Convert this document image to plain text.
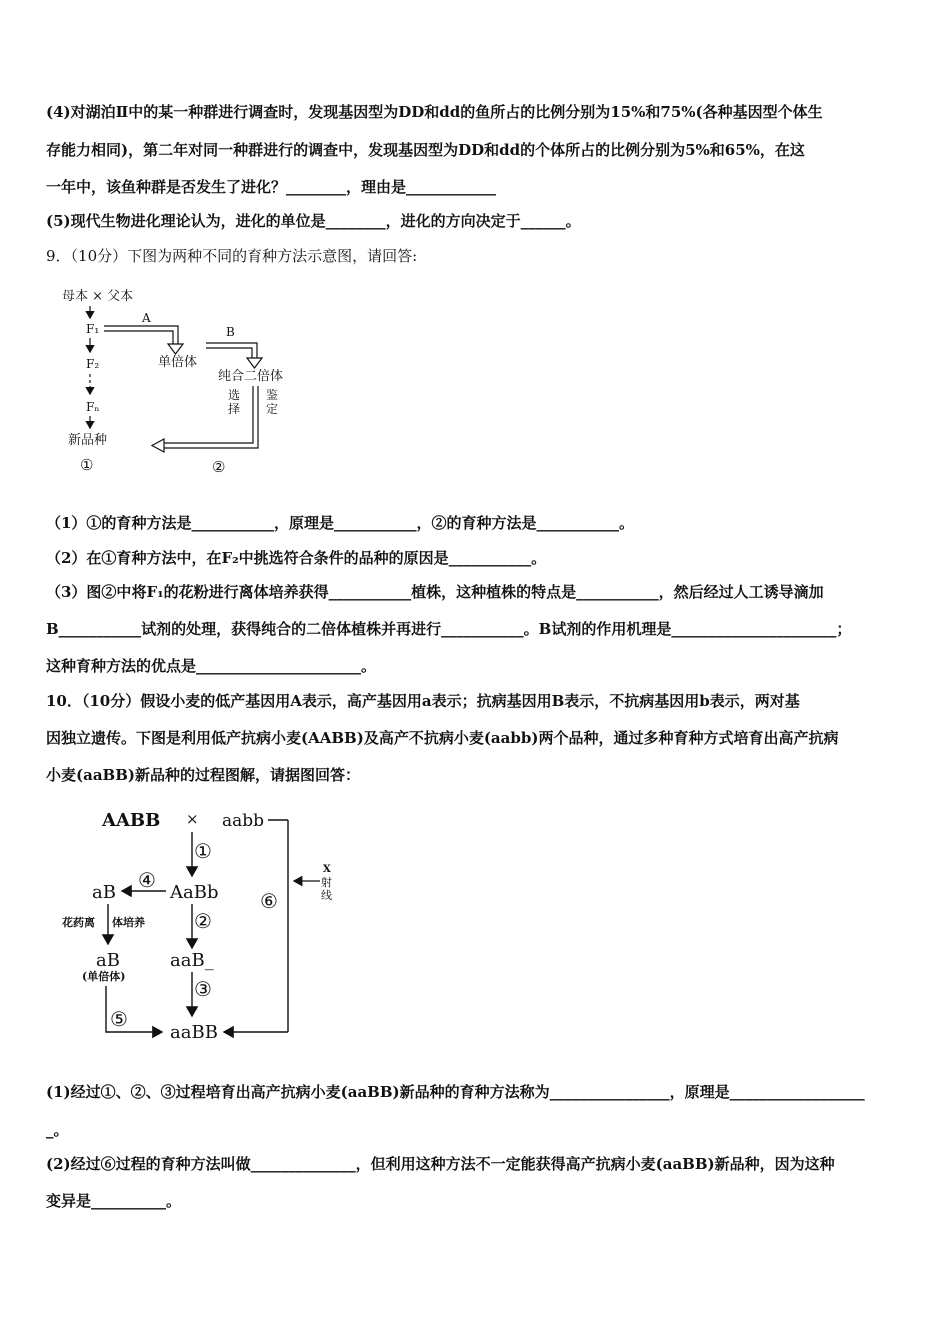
(4)对湖泊Ⅱ中的某一种群进行调查时，发现基因型为DD和dd的鱼所占的比例分别为15%和75%(各种基因型个体生
存能力相同)，第二年对同一种群进行的调查中，发现基因型为DD和dd的个体所占的比例分别为5%和65%，在这
一年中，该鱼种群是否发生了进化？________，理由是____________
(5)现代生物进化理论认为，进化的单位是________，进化的方向决定于______。
9．（10分）下图为两种不同的育种方法示意图，请回答:
母本 × 父本
F₁
F₂
Fₙ
新品种
①
A
单倍体
B
纯合二倍体
选
择
鉴
定
②
（1）①的育种方法是___________，原理是___________，②的育种方法是___________。
（2）在①育种方法中，在F₂中挑选符合条件的品种的原因是___________。
（3）图②中将F₁的花粉进行离体培养获得___________植株，这种植株的特点是___________，然后经过人工诱导滴加
B___________试剂的处理，获得纯合的二倍体植株并再进行___________。B试剂的作用机理是______________________；
这种育种方法的优点是______________________。
10．（10分）假设小麦的低产基因用A表示，高产基因用a表示；抗病基因用B表示，不抗病基因用b表示，两对基
因独立遗传。下图是利用低产抗病小麦(AABB)及高产不抗病小麦(aabb)两个品种，通过多种育种方式培育出高产抗病
小麦(aaBB)新品种的过程图解，请据图回答：
AABB × aabb
⑥
X
射
线
①
AaBb
④
aB
花药离 体培养
aB
(单倍体)
⑤
②
aaB_
③
aaBB
(1)经过①、②、③过程培育出高产抗病小麦(aaBB)新品种的育种方法称为________________，原理是__________________
_。
(2)经过⑥过程的育种方法叫做______________，但利用这种方法不一定能获得高产抗病小麦(aaBB)新品种，因为这种
变异是__________。
